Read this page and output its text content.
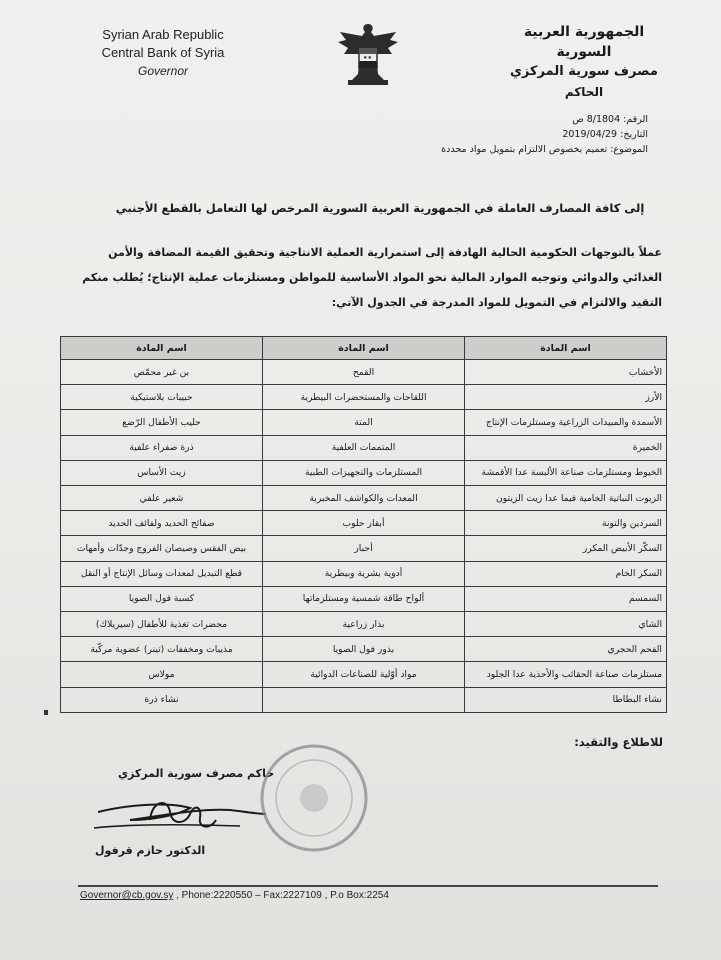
Syrian Arab Republic
Central Bank of Syria
Governor
★★
الجمهورية العربية السورية
مصرف سورية المركزي
الحاكم
الرقم: 8/1804 ص
التاريخ: 2019/04/29
الموضوع: تعميم بخصوص الالتزام بتمويل مواد محددة
إلى كافة المصارف العاملة في الجمهورية العربية السورية المرخص لها التعامل بالقطع الأجنبي
عملاً بالتوجهات الحكومية الحالية الهادفة إلى استمرارية العملية الانتاجية وتحقيق القيمة المضافة والأمن الغذائي والدوائي وتوجيه الموارد المالية نحو المواد الأساسية للمواطن ومستلزمات عملية الإنتاج؛ يُطلب منكم التقيد والالتزام في التمويل للمواد المدرجة في الجدول الآتي:
اسم المادة	اسم المادة	اسم المادة
الأخشاب	القمح	بن غير محمّص
الأرز	اللقاحات والمستحضرات البيطرية	حبيبات بلاستيكية
الأسمدة والمبيدات الزراعية ومستلزمات الإنتاج	المتة	حليب الأطفال الرّضع
الخميرة	المتممات العلفية	ذرة صفراء علفية
الخيوط ومستلزمات صناعة الألبسة عدا الأقمشة	المستلزمات والتجهيزات الطبية	زيت الأساس
الزيوت النباتية الخامية فيما عدا زيت الزيتون	المعدات والكواشف المخبرية	شعير علفي
السردين والتونة	أبقار حلوب	صفائح الحديد ولفائف الحديد
السكّر الأبيض المكرر	أحبار	بيض الفقس وصيصان الفروج وجدّات وأمهات
السكر الخام	أدوية بشرية وبيطرية	قطع التبديل لمعدات وسائل الإنتاج أو النقل
السمسم	ألواح طاقة شمسية ومستلزماتها	كسبة فول الصويا
الشاي	بذار زراعية	محضرات تغذية للأطفال (سيريلاك)
الفحم الحجري	بذور فول الصويا	مذيبات ومخففات (تينر) عضوية مركّبة
مستلزمات صناعة الحقائب والأحذية عدا الجلود	مواد أوّلية للصناعات الدوائية	مولاس
نشاء البطاطا		نشاء ذرة
للاطلاع والتقيد:
حاكم مصرف سورية المركزي
الدكتور حازم قرفول
Governor@cb.gov.sy , Phone:2220550 – Fax:2227109 , P.o Box:2254
